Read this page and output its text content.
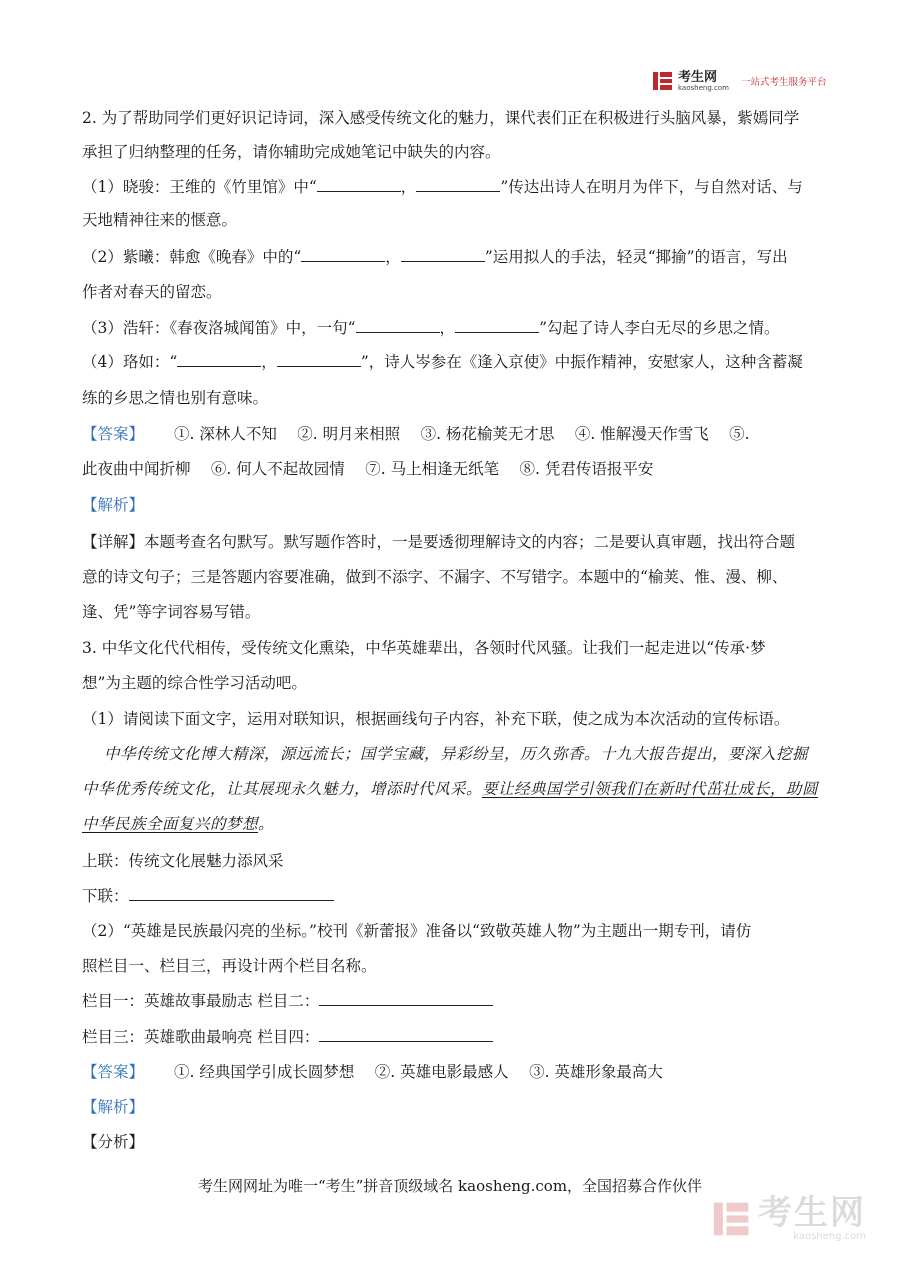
考生网
kaosheng.com 一站式考生服务平台
2. 为了帮助同学们更好识记诗词，深入感受传统文化的魅力，课代表们正在积极进行头脑风暴，紫嫣同学
承担了归纳整理的任务，请你辅助完成她笔记中缺失的内容。
（1）晓骏：王维的《竹里馆》中“	，	”传达出诗人在明月为伴下，与自然对话、与
天地精神往来的惬意。
（2）紫曦：韩愈《晚春》中的“	，	”运用拟人的手法，轻灵“揶揄”的语言，写出
作者对春天的留恋。
（3）浩轩：《春夜洛城闻笛》中，一句“	，	”勾起了诗人李白无尽的乡思之情。
（4）珞如：“	，	”，诗人岑参在《逢入京使》中振作精神，安慰家人，这种含蓄凝
练的乡思之情也别有意味。
【答案】 ①. 深林人不知　 ②. 明月来相照　 ③. 杨花榆荚无才思　 ④. 惟解漫天作雪飞　 ⑤.
此夜曲中闻折柳　 ⑥. 何人不起故园情　 ⑦. 马上相逢无纸笔　 ⑧. 凭君传语报平安
【解析】
【详解】本题考查名句默写。默写题作答时，一是要透彻理解诗文的内容；二是要认真审题，找出符合题
意的诗文句子；三是答题内容要准确，做到不添字、不漏字、不写错字。本题中的“榆荚、惟、漫、柳、
逢、凭”等字词容易写错。
3. 中华文化代代相传，受传统文化熏染，中华英雄辈出，各领时代风骚。让我们一起走进以“传承·梦
想”为主题的综合性学习活动吧。
（1）请阅读下面文字，运用对联知识，根据画线句子内容，补充下联，使之成为本次活动的宣传标语。
中华传统文化博大精深，源远流长；国学宝藏，异彩纷呈，历久弥香。十九大报告提出，要深入挖掘
中华优秀传统文化，让其展现永久魅力，增添时代风采。要让经典国学引领我们在新时代茁壮成长，助圆
中华民族全面复兴的梦想。
上联：传统文化展魅力添风采
下联：
（2）“英雄是民族最闪亮的坐标。”校刊《新蕾报》准备以“致敬英雄人物”为主题出一期专刊，请仿
照栏目一、栏目三，再设计两个栏目名称。
栏目一：英雄故事最励志 栏目二：
栏目三：英雄歌曲最响亮 栏目四：
【答案】 ①. 经典国学引成长圆梦想　 ②. 英雄电影最感人　 ③. 英雄形象最高大
【解析】
【分析】
考生网网址为唯一“考生”拼音顶级域名 kaosheng.com，全国招募合作伙伴
考生网
kaosheng.com
